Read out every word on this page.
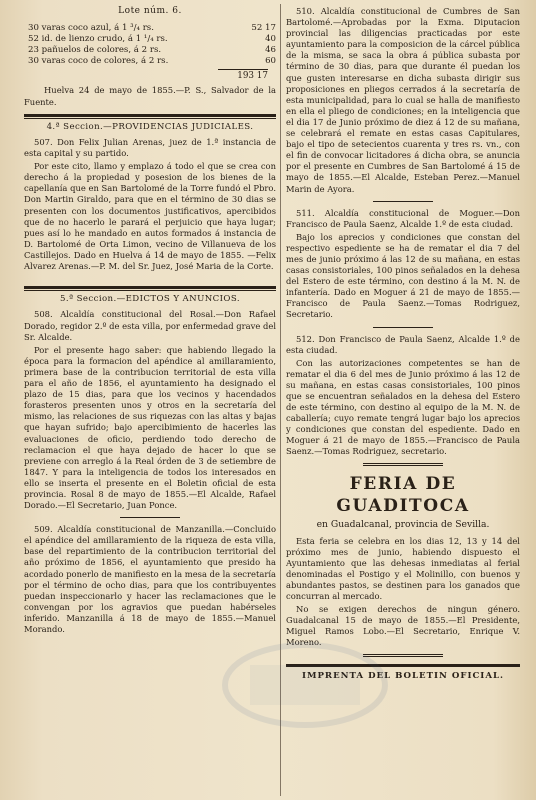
Lote núm. 6.
30 varas coco azul, á 1 ³/₄ rs.	52 17
52 id. de lienzo crudo, á 1 ¹/₄ rs.	40
23 pañuelos de colores, á 2 rs.	46
30 varas coco de colores, á 2 rs.	60
193 17

Huelva 24 de mayo de 1855.—P. S., Salvador de la Fuente.

4.ª Seccion.—PROVIDENCIAS JUDICIALES.

507. Don Felix Julian Arenas, juez de 1.ª instancia de esta capital y su partido.

Por este cito, llamo y emplazo á todo el que se crea con derecho á la propiedad y posesion de los bienes de la capellanía que en San Bartolomé de la Torre fundó el Pbro. Don Martin Giraldo, para que en el término de 30 dias se presenten con los documentos justificativos, apercibidos que de no hacerlo le parará el perjuicio que haya lugar; pues así lo he mandado en autos formados á instancia de D. Bartolomé de Orta Limon, vecino de Villanueva de los Castillejos. Dado en Huelva á 14 de mayo de 1855. —Felix Alvarez Arenas.—P. M. del Sr. Juez, José Maria de la Corte.

5.ª Seccion.—EDICTOS Y ANUNCIOS.

508. Alcaldía constitucional del Rosal.—Don Rafael Dorado, regidor 2.º de esta villa, por enfermedad grave del Sr. Alcalde.

Por el presente hago saber: que habiendo llegado la época para la formacion del apéndice al amillaramiento, primera base de la contribucion territorial de esta villa para el año de 1856, el ayuntamiento ha designado el plazo de 15 dias, para que los vecinos y hacendados forasteros presenten unos y otros en la secretaría del mismo, las relaciones de sus riquezas con las altas y bajas que hayan sufrido; bajo apercibimiento de hacerles las evaluaciones de oficio, perdiendo todo derecho de reclamacion el que haya dejado de hacer lo que se previene con arreglo á la Real órden de 3 de setiembre de 1847. Y para la inteligencia de todos los interesados en ello se inserta el presente en el Boletin oficial de esta provincia. Rosal 8 de mayo de 1855.—El Alcalde, Rafael Dorado.—El Secretario, Juan Ponce.

509. Alcaldía constitucional de Manzanilla.—Concluido el apéndice del amillaramiento de la riqueza de esta villa, base del repartimiento de la contribucion territorial del año próximo de 1856, el ayuntamiento que presido ha acordado ponerlo de manifiesto en la mesa de la secretaría por el término de ocho dias, para que los contribuyentes puedan inspeccionarlo y hacer las reclamaciones que le convengan por los agravios que puedan habérseles inferido. Manzanilla á 18 de mayo de 1855.—Manuel Morando.

510. Alcaldía constitucional de Cumbres de San Bartolomé.—Aprobadas por la Exma. Diputacion provincial las diligencias practicadas por este ayuntamiento para la composicion de la cárcel pública de la misma, se saca la obra á pública subasta por término de 30 dias, para que durante él puedan los que gusten interesarse en dicha subasta dirigir sus proposiciones en pliegos cerrados á la secretaría de esta municipalidad, para lo cual se halla de manifiesto en ella el pliego de condiciones; en la inteligencia que el dia 17 de Junio próximo de diez á 12 de su mañana, se celebrará el remate en estas casas Capitulares, bajo el tipo de setecientos cuarenta y tres rs. vn., con el fin de convocar licitadores á dicha obra, se anuncia por el presente en Cumbres de San Bartolomé á 15 de mayo de 1855.—El Alcalde, Esteban Perez.—Manuel Marin de Ayora.

511. Alcaldía constitucional de Moguer.—Don Francisco de Paula Saenz, Alcalde 1.º de esta ciudad.

Bajo los aprecios y condiciones que constan del respectivo espediente se ha de rematar el dia 7 del mes de junio próximo á las 12 de su mañana, en estas casas consistoriales, 100 pinos señalados en la dehesa del Estero de este término, con destino á la M. N. de infantería. Dado en Moguer á 21 de mayo de 1855.—Francisco de Paula Saenz.—Tomas Rodriguez, Secretario.

512. Don Francisco de Paula Saenz, Alcalde 1.º de esta ciudad.

Con las autorizaciones competentes se han de rematar el dia 6 del mes de Junio próximo á las 12 de su mañana, en estas casas consistoriales, 100 pinos que se encuentran señalados en la dehesa del Estero de este término, con destino al equipo de la M. N. de caballería; cuyo remate tengrá lugar bajo los aprecios y condiciones que constan del espediente. Dado en Moguer á 21 de mayo de 1855.—Francisco de Paula Saenz.—Tomas Rodriguez, secretario.

FERIA DE GUADITOCA
en Guadalcanal, provincia de Sevilla.

Esta feria se celebra en los dias 12, 13 y 14 del próximo mes de junio, habiendo dispuesto el Ayuntamiento que las dehesas inmediatas al ferial denominadas el Postigo y el Molinillo, con buenos y abundantes pastos, se destinen para los ganados que concurran al mercado.

No se exigen derechos de ningun género. Guadalcanal 15 de mayo de 1855.—El Presidente, Miguel Ramos Lobo.—El Secretario, Enrique V. Moreno.

IMPRENTA DEL BOLETIN OFICIAL.
